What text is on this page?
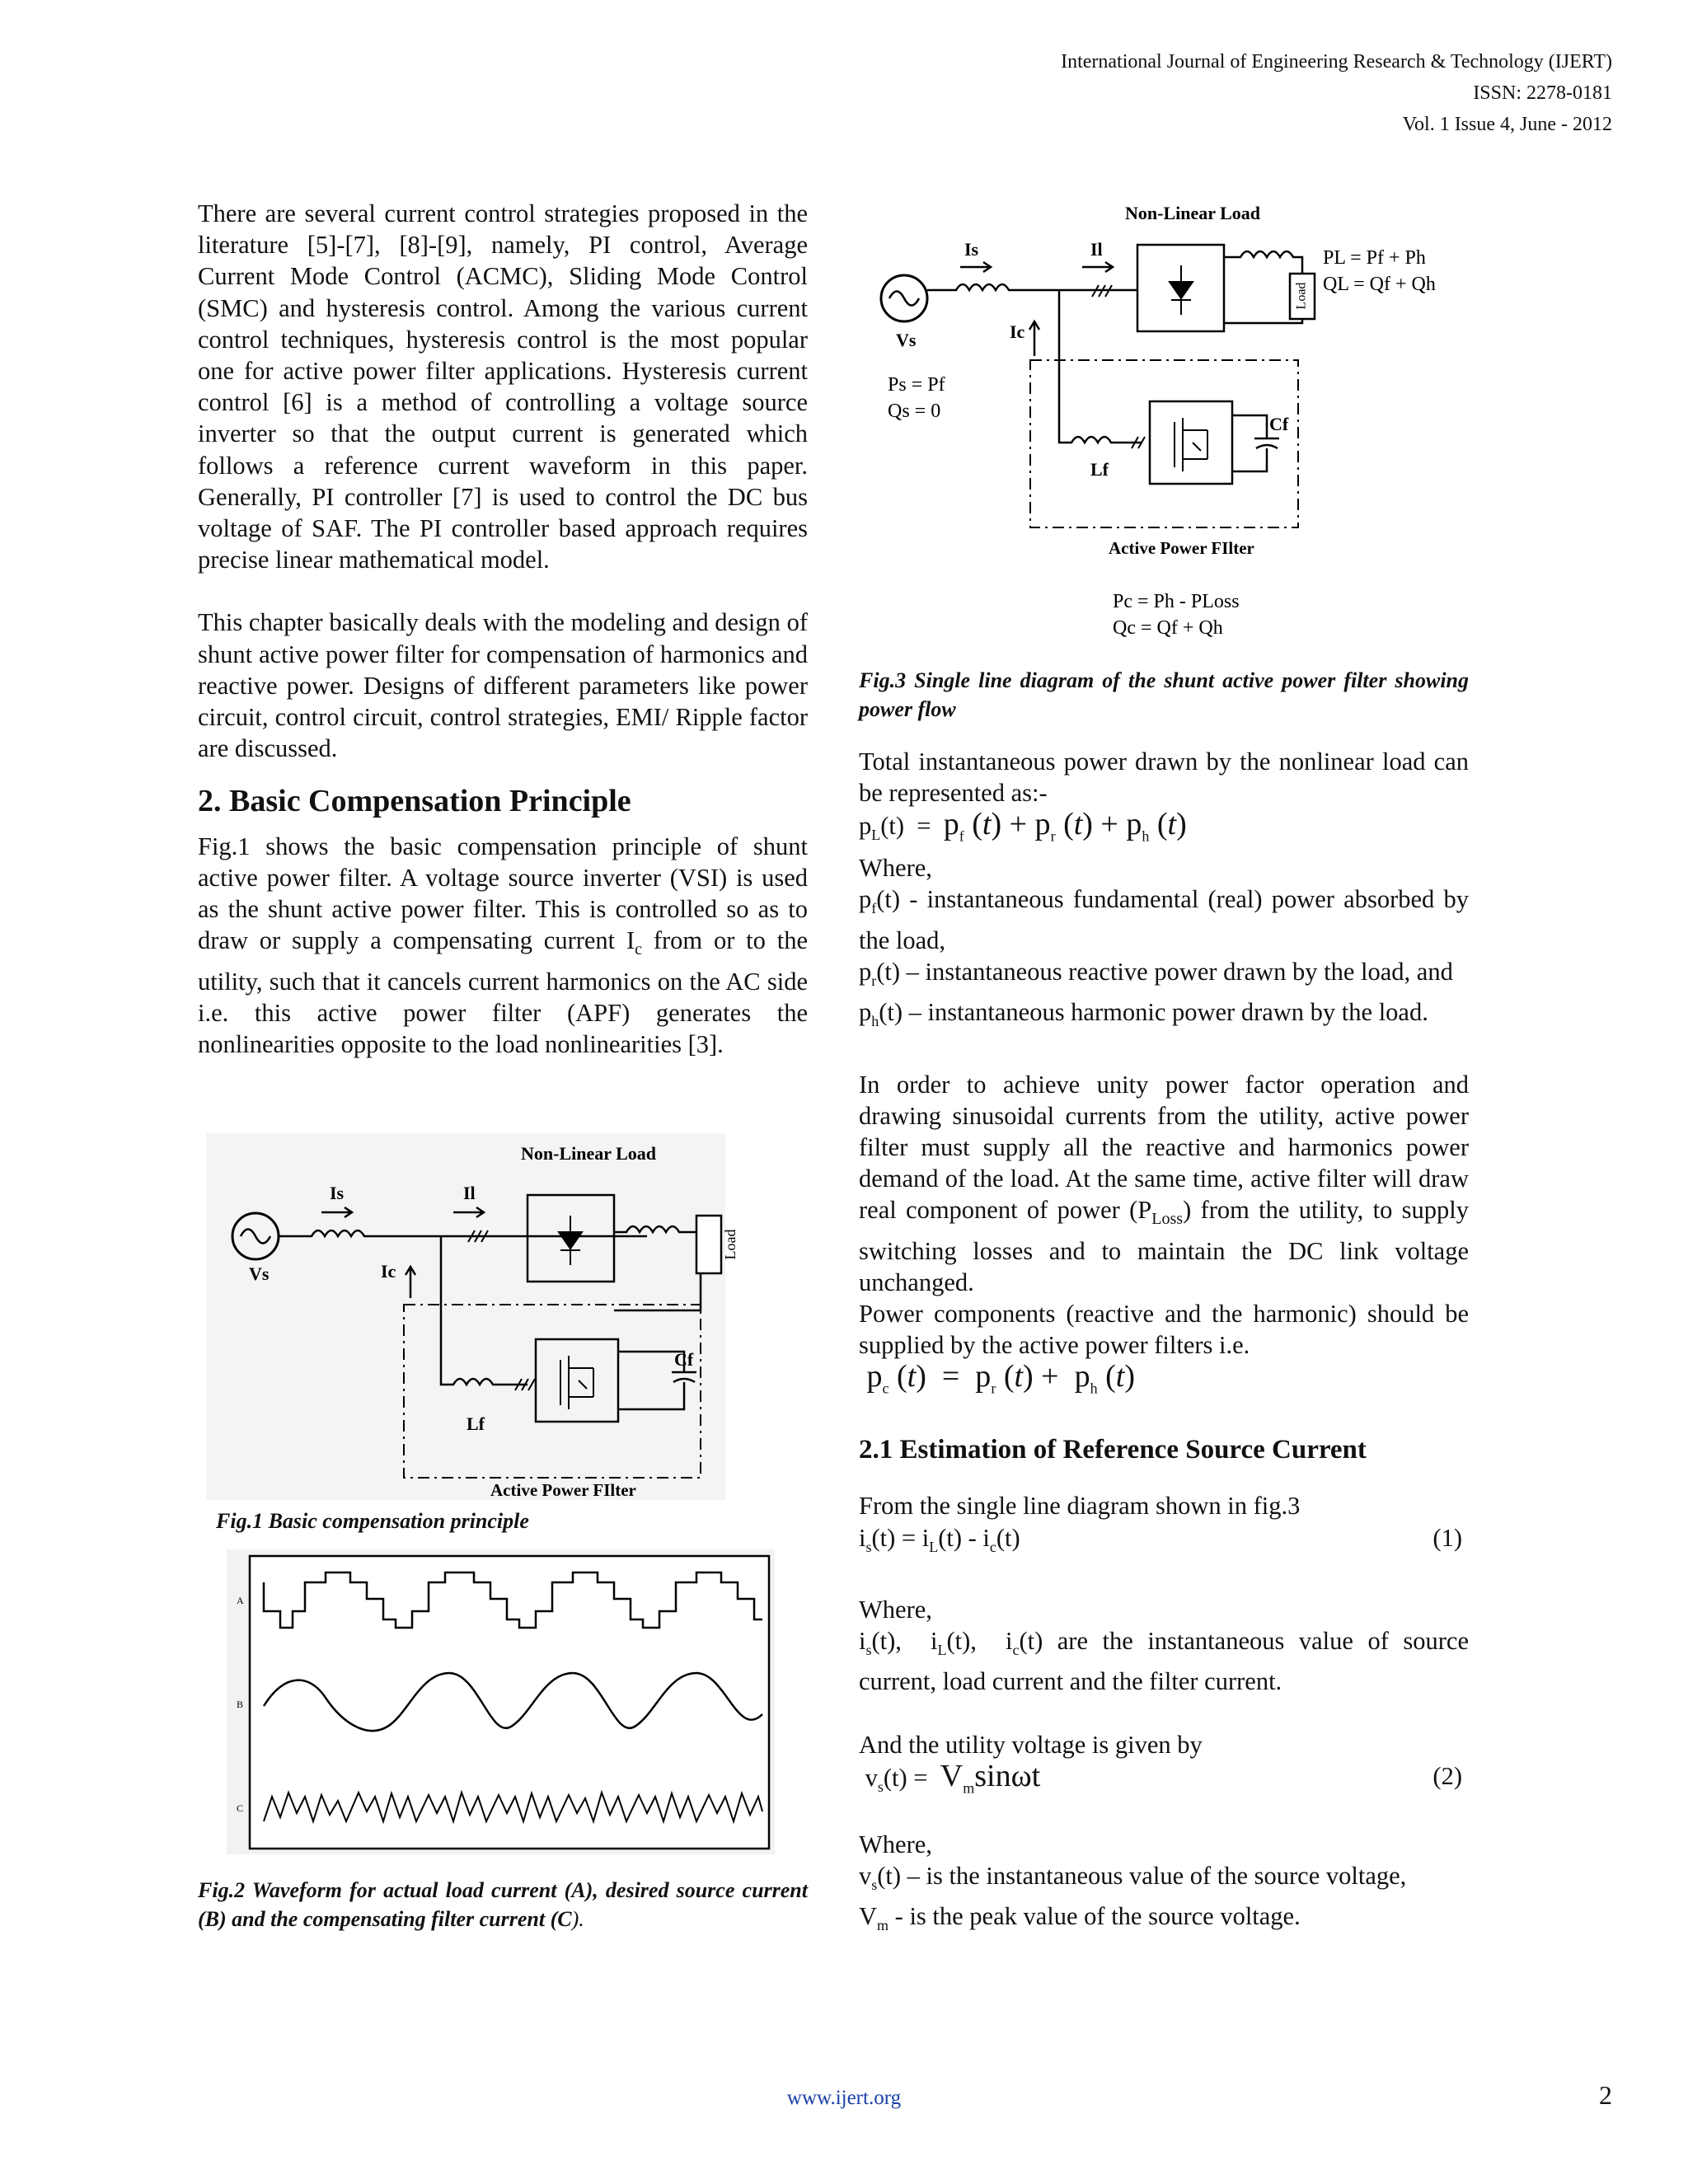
International Journal of Engineering Research & Technology (IJERT)
ISSN: 2278-0181
Vol. 1 Issue 4, June - 2012

There are several current control strategies proposed in the literature [5]-[7], [8]-[9], namely, PI control, Average Current Mode Control (ACMC), Sliding Mode Control (SMC) and hysteresis control. Among the various current control techniques, hysteresis control is the most popular one for active power filter applications. Hysteresis current control [6] is a method of controlling a voltage source inverter so that the output current is generated which follows a reference current waveform in this paper. Generally, PI controller [7] is used to control the DC bus voltage of SAF. The PI controller based approach requires precise linear mathematical model.

This chapter basically deals with the modeling and design of shunt active power filter for compensation of harmonics and reactive power. Designs of different parameters like power circuit, control circuit, control strategies, EMI/ Ripple factor are discussed.

2. Basic Compensation Principle

Fig.1 shows the basic compensation principle of shunt active power filter. A voltage source inverter (VSI) is used as the shunt active power filter. This is controlled so as to draw or supply a compensating current $I_c$ from or to the utility, such that it cancels current harmonics on the AC side i.e. this active power filter (APF) generates the nonlinearities opposite to the load nonlinearities [3].

Non-Linear Load
Vs
Is	Il
Load
Ic
Lf
Cf
Active Power FIlter
Fig.1 Basic compensation principle
A
B
C
Fig.2 Waveform for actual load current (A), desired source current (B) and the compensating filter current (C).
Non-Linear Load
Vs
Is	Il
Load
PL = Pf + Ph
QL = Qf + Qh
Ic
Ps = Pf
Qs = 0
Lf
Cf
Active Power FIlter
Pc = Ph - PLoss
Qc = Qf + Qh
Fig.3 Single line diagram of the shunt active power filter showing power flow

Total instantaneous power drawn by the nonlinear load can be represented as:-

$p_L(t) = p_f$ $(t) + p_r$ $(t) + p_h$ (t)

Where,

$p_f(t)$ - instantaneous fundamental (real) power absorbed by the load,

$p_r(t)$ – instantaneous reactive power drawn by the load, and

$p_h(t)$ – instantaneous harmonic power drawn by the load.

In order to achieve unity power factor operation and drawing sinusoidal currents from the utility, active power filter must supply all the reactive and harmonics power demand of the load. At the same time, active filter will draw real component of power $(P_{Loss})$ from the utility, to supply switching losses and to maintain the DC link voltage unchanged.

Power components (reactive and the harmonic) should be supplied by the active power filters i.e.

$p_c$ $(t) = p_r$ $(t) + p_h$ (t)

2.1 Estimation of Reference Source Current

From the single line diagram shown in fig.3

$i_s(t) = i_L(t) - i_c(t)$	(1)

Where,

$i_s(t)$,  $i_L(t)$,  $i_c(t)$ are the instantaneous value of source current, load current and the filter current.

And the utility voltage is given by

$v_s(t) = V_m\sin\omega t$	(2)

Where,

$v_s(t)$ – is the instantaneous value of the source voltage,

$V_m$ - is the peak value of the source voltage.

www.ijert.org	2
